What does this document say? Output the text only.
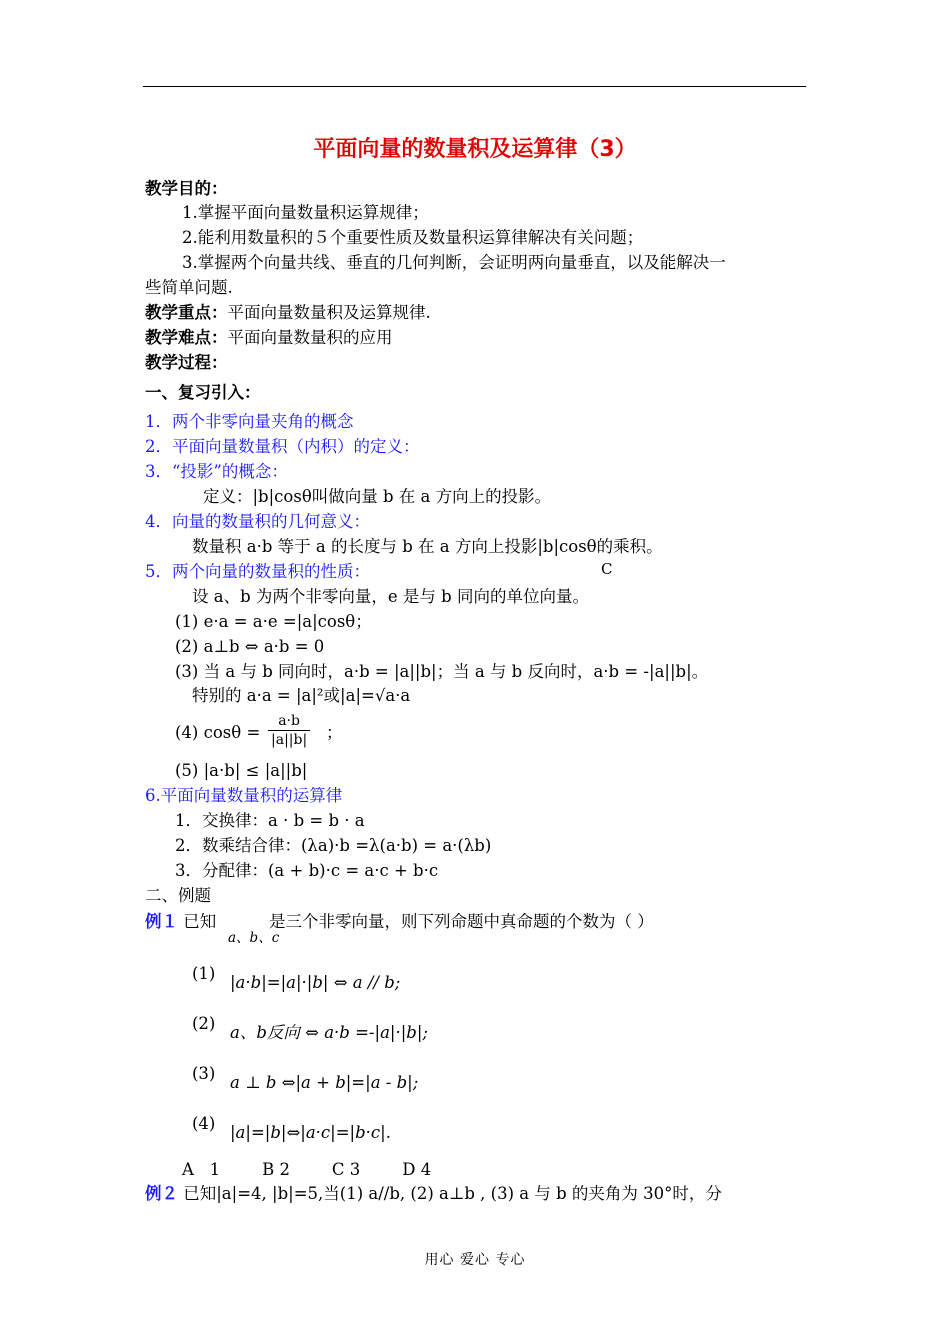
平面向量的数量积及运算律（3）
教学目的：
1.掌握平面向量数量积运算规律；
2.能利用数量积的５个重要性质及数量积运算律解决有关问题；
3.掌握两个向量共线、垂直的几何判断，会证明两向量垂直，以及能解决一
些简单问题.
教学重点：平面向量数量积及运算规律.
教学难点：平面向量数量积的应用
教学过程：
一、复习引入：
1．两个非零向量夹角的概念
2．平面向量数量积（内积）的定义：
3．“投影”的概念：
定义：|b|cosθ叫做向量 b 在 a 方向上的投影。
4．向量的数量积的几何意义：
数量积 a·b 等于 a 的长度与 b 在 a 方向上投影|b|cosθ的乘积。
C
5．两个向量的数量积的性质：
设 a、b 为两个非零向量，e 是与 b 同向的单位向量。
(1) e·a = a·e =|a|cosθ；
(2) a⊥b ⇔ a·b = 0
(3) 当 a 与 b 同向时，a·b = |a||b|；当 a 与 b 反向时，a·b = -|a||b|。
特别的 a·a = |a|²或|a|=√a·a
(4) $\cos\theta = \frac{a\cdot b}{|a||b|}$ ；
(5) |a·b| ≤ |a||b|
6.平面向量数量积的运算律
1．交换律：a · b = b · a
2．数乘结合律：(λa)·b =λ(a·b) = a·(λb)
3．分配律：(a + b)·c = a·c + b·c
二、例题
例１ 已知
a、b、c
是三个非零向量，则下列命题中真命题的个数为（ ）
(1) |a·b|=|a|·|b| ⇔ a // b;
(2) a、b反向 ⇔ a·b =-|a|·|b|;
(3) a ⊥ b ⇔|a + b|=|a - b|;
(4) |a|=|b|⇔|a·c|=|b·c|.
A   1        B 2        C 3        D 4
例２ 已知|a|=4, |b|=5,当(1) a//b, (2) a⊥b , (3) a 与 b 的夹角为 30°时，分
用心 爱心 专心
